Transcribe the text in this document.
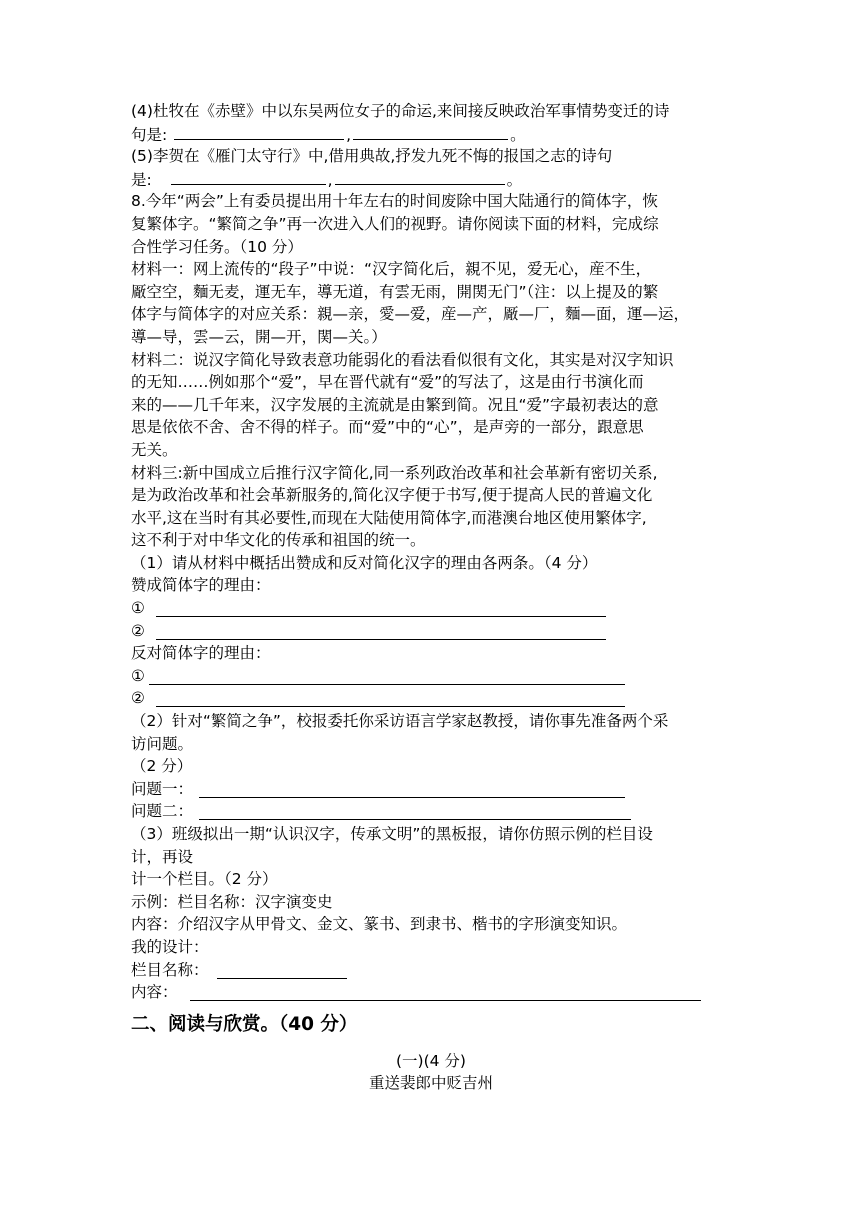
(4)杜牧在《赤壁》中以东吴两位女子的命运,来间接反映政治军事情势变迁的诗
句是:	,	。
(5)李贺在《雁门太守行》中,借用典故,抒发九死不悔的报国之志的诗句
是:	,	。
8.今年“两会”上有委员提出用十年左右的时间废除中国大陆通行的简体字，恢
复繁体字。“繁简之争”再一次进入人们的视野。请你阅读下面的材料，完成综
合性学习任务。（10 分）
材料一：网上流传的“段子”中说：“汉字简化后，親不见，爱无心，産不生，
厰空空，麵无麦，運无车，導无道，有雲无雨，開関无门”（注：以上提及的繁
体字与简体字的对应关系：親—亲，愛—爱，産—产，厰—厂，麵—面，運—运，
導—导，雲—云，開—开，関—关。）
材料二：说汉字简化导致表意功能弱化的看法看似很有文化，其实是对汉字知识
的无知……例如那个“爱”，早在晋代就有“爱”的写法了，这是由行书演化而
来的——几千年来，汉字发展的主流就是由繁到简。况且“爱”字最初表达的意
思是依依不舍、舍不得的样子。而“爱”中的“心”，是声旁的一部分，跟意思
无关。
材料三:新中国成立后推行汉字简化,同一系列政治改革和社会革新有密切关系,
是为政治改革和社会革新服务的,简化汉字便于书写,便于提高人民的普遍文化
水平,这在当时有其必要性,而现在大陆使用简体字,而港澳台地区使用繁体字,
这不利于对中华文化的传承和祖国的统一。
（1）请从材料中概括出赞成和反对简化汉字的理由各两条。（4 分）
赞成简体字的理由：
①
②
反对简体字的理由：
①
②
（2）针对“繁简之争”，校报委托你采访语言学家赵教授，请你事先准备两个采
访问题。
（2 分）
问题一：
问题二：
（3）班级拟出一期“认识汉字，传承文明”的黑板报，请你仿照示例的栏目设
计，再设
计一个栏目。（2 分）
示例：栏目名称：汉字演变史
内容：介绍汉字从甲骨文、金文、篆书、到隶书、楷书的字形演变知识。
我的设计：
栏目名称：
内容：
二、阅读与欣赏。（40 分）
(一)(4 分)
重送裴郎中贬吉州
